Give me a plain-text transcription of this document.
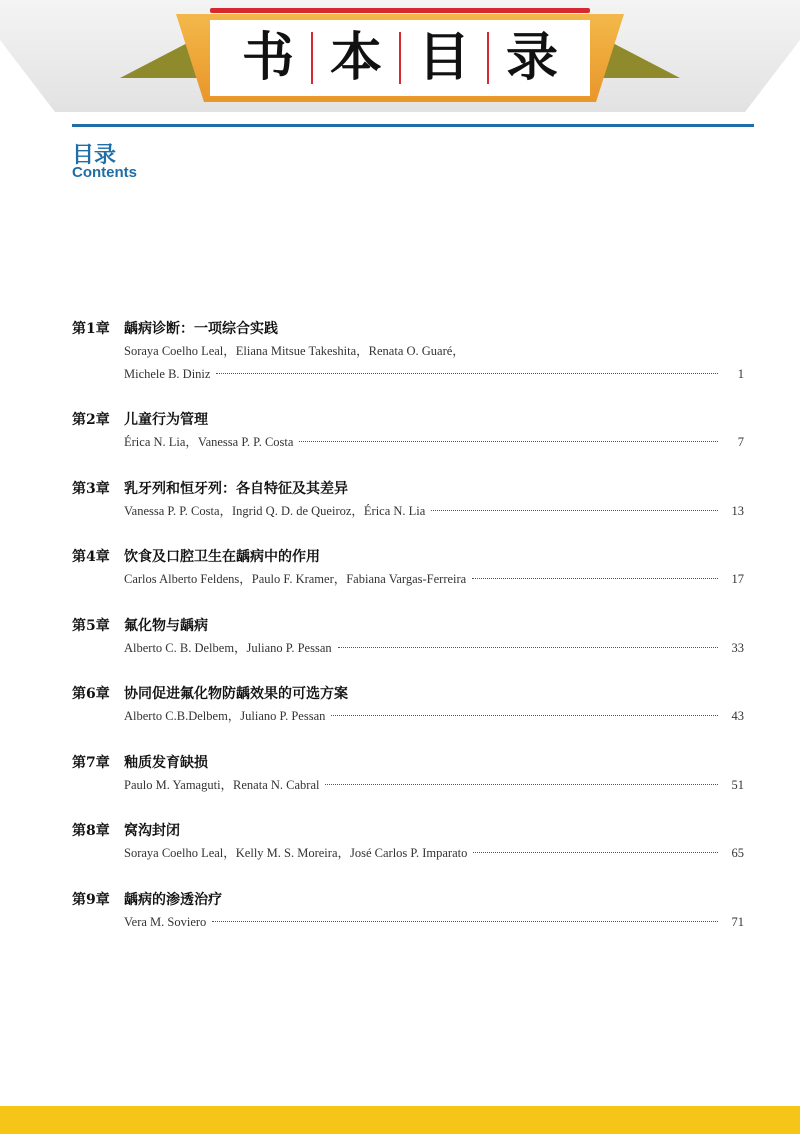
书 本 目 录
目录
Contents
第1章	龋病诊断：一项综合实践
Soraya Coelho Leal，Eliana Mitsue Takeshita，Renata O. Guaré，
Michele B. Diniz	1
第2章	儿童行为管理
Érica N. Lia，Vanessa P. P. Costa	7
第3章	乳牙列和恒牙列：各自特征及其差异
Vanessa P. P. Costa，Ingrid Q. D. de Queiroz，Érica N. Lia	13
第4章	饮食及口腔卫生在龋病中的作用
Carlos Alberto Feldens，Paulo F. Kramer，Fabiana Vargas-Ferreira	17
第5章	氟化物与龋病
Alberto C. B. Delbem，Juliano P. Pessan	33
第6章	协同促进氟化物防龋效果的可选方案
Alberto C.B.Delbem，Juliano P. Pessan	43
第7章	釉质发育缺损
Paulo M. Yamaguti，Renata N. Cabral	51
第8章	窝沟封闭
Soraya Coelho Leal，Kelly M. S. Moreira，José Carlos P. Imparato	65
第9章	龋病的渗透治疗
Vera M. Soviero	71
